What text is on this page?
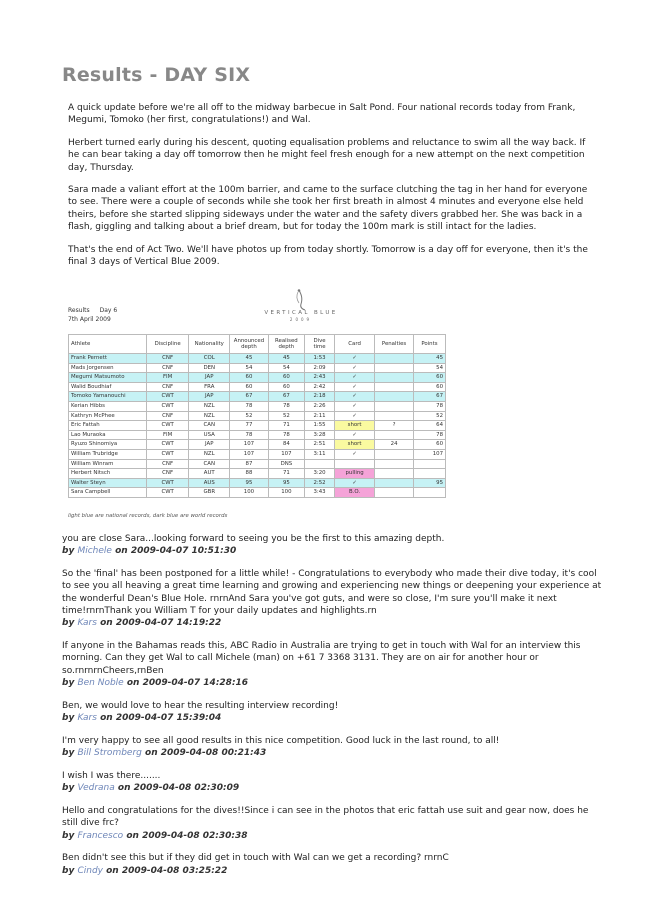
Results - DAY SIX

A quick update before we're all off to the midway barbecue in Salt Pond. Four national records today from Frank, Megumi, Tomoko (her first, congratulations!) and Wal.

Herbert turned early during his descent, quoting equalisation problems and reluctance to swim all the way back. If he can bear taking a day off tomorrow then he might feel fresh enough for a new attempt on the next competition day, Thursday.

Sara made a valiant effort at the 100m barrier, and came to the surface clutching the tag in her hand for everyone to see. There were a couple of seconds while she took her first breath in almost 4 minutes and everyone else held theirs, before she started slipping sideways under the water and the safety divers grabbed her. She was back in a flash, giggling and talking about a brief dream, but for today the 100m mark is still intact for the ladies.

That's the end of Act Two. We'll have photos up from today shortly. Tomorrow is a day off for everyone, then it's the final 3 days of Vertical Blue 2009.

Results Day 6
7th April 2009
VERTICAL BLUE
2009
Athlete	Discipline	Nationality	Announced depth	Realised depth	Dive time	Card	Penalties	Points
Frank Pernett	CNF	COL	45	45	1:53	✓		45
Mads Jorgensen	CNF	DEN	54	54	2:09	✓		54
Megumi Matsumoto	FIM	JAP	60	60	2:43	✓		60
Walid Boudhiaf	CNF	FRA	60	60	2:42	✓		60
Tomoko Yamanouchi	CWT	JAP	67	67	2:18	✓		67
Kerian Hibbs	CWT	NZL	78	78	2:26	✓		78
Kathryn McPhee	CNF	NZL	52	52	2:11	✓		52
Eric Fattah	CWT	CAN	77	71	1:55	short	?	64
Lao Muraoka	FIM	USA	78	78	3:28	✓		78
Ryuzo Shinomiya	CWT	JAP	107	84	2:51	short	24	60
William Trubridge	CWT	NZL	107	107	3:11	✓		107
William Winram	CNF	CAN	87	DNS				
Herbert Nitsch	CNF	AUT	88	71	3:20	pulling		
Walter Steyn	CWT	AUS	95	95	2:52	✓		95
Sara Campbell	CWT	GBR	100	100	3:43	B.O.		
light blue are national records, dark blue are world records
you are close Sara...looking forward to seeing you be the first to this amazing depth.
by Michele on 2009-04-07 10:51:30
So the 'final' has been postponed for a little while! - Congratulations to everybody who made their dive today, it's cool to see you all heaving a great time learning and growing and experiencing new things or deepening your experience at the wonderful Dean's Blue Hole. rnrnAnd Sara you've got guts, and were so close, I'm sure you'll make it next time!rnrnThank you William T for your daily updates and highlights.rn
by Kars on 2009-04-07 14:19:22
If anyone in the Bahamas reads this, ABC Radio in Australia are trying to get in touch with Wal for an interview this morning. Can they get Wal to call Michele (man) on +61 7 3368 3131. They are on air for another hour or so.rnrnrnCheers,rnBen
by Ben Noble on 2009-04-07 14:28:16
Ben, we would love to hear the resulting interview recording!
by Kars on 2009-04-07 15:39:04
I'm very happy to see all good results in this nice competition. Good luck in the last round, to all!
by Bill Stromberg on 2009-04-08 00:21:43
I wish I was there.......
by Vedrana on 2009-04-08 02:30:09
Hello and congratulations for the dives!!Since i can see in the photos that eric fattah use suit and gear now, does he still dive frc?
by Francesco on 2009-04-08 02:30:38
Ben didn't see this but if they did get in touch with Wal can we get a recording? rnrnC
by Cindy on 2009-04-08 03:25:22
